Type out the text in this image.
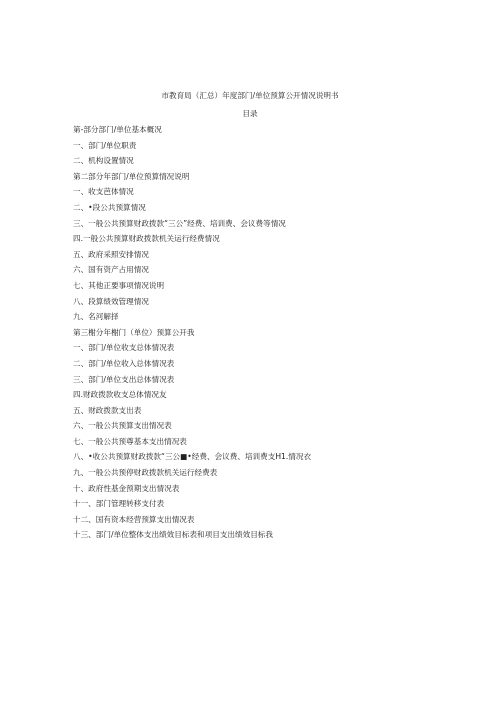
市教育局（汇总）年度部门/单位预算公开情况说明书
目录
第-部分部门/单位基本概况
一、部门/单位职责
二、机构设置情况
第二部分年部门/单位预算情况说明
一、收支芭体情况
二、•段公共预算情况
三、一般公共预算财政拨款“三公”经费、培训费、会议费等情况
四.一般公共预算财政拨款机关运行经费情况
五、政府采照安排情况
六、国有资产占用情况
七、其他正要事项情况说明
八、段算绩效管理情况
九、名河解择
第三榭分年榭门（单位）预算公开我
一、部门/单位收支总体情况表
二、部门/单位收入总体情况表
三、部门/单位支出总体情况表
四.财政拨款收支总体情况友
五、财政拨款支出表
六、一般公共预算支出情况表
七、一般公共预尊基本支出情况表
八、•收公共预算财政拨款“三公■•经费、会议费、培训费支H1.情况衣
九、一般公共预停财政拨款机关运行经费表
十、政府性基金预期支出情况表
十一、部门管理转移支付表
十二、国有资本经营预算支出情况表
十三、部门/单位整体支出绩效目标表和项目支出绩效目标我
